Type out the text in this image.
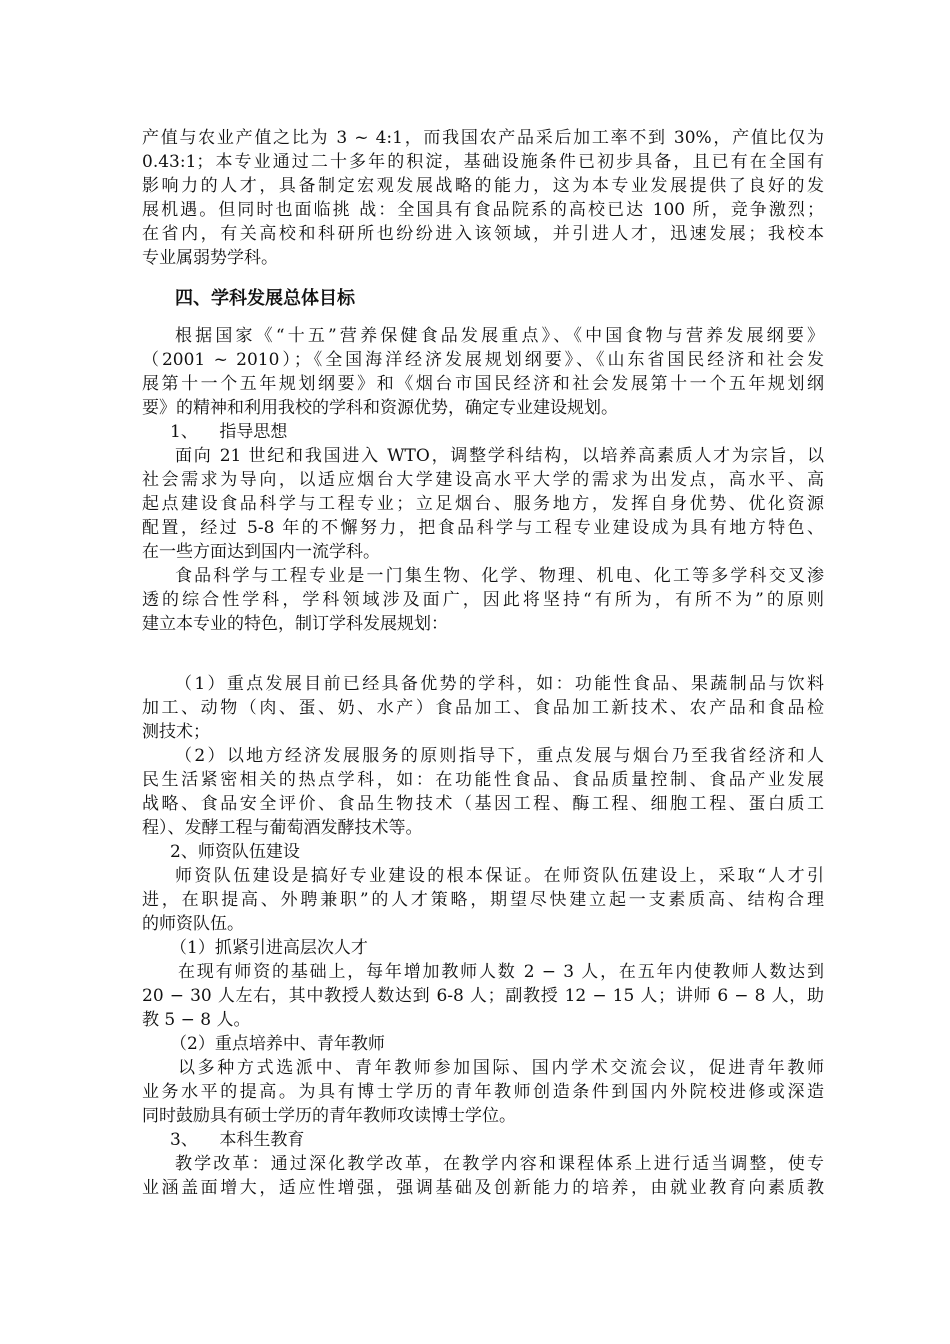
产值与农业产值之比为 3 ~ 4:1，而我国农产品采后加工率不到 30%，产值比仅为
0.43:1；本专业通过二十多年的积淀，基础设施条件已初步具备，且已有在全国有
影响力的人才，具备制定宏观发展战略的能力，这为本专业发展提供了良好的发
展机遇。但同时也面临挑 战：全国具有食品院系的高校已达 100 所，竞争激烈；
在省内，有关高校和科研所也纷纷进入该领域，并引进人才，迅速发展；我校本
专业属弱势学科。
四、学科发展总体目标
根据国家《“十五”营养保健食品发展重点》、《中国食物与营养发展纲要》
（2001 ~ 2010）；《全国海洋经济发展规划纲要》、《山东省国民经济和社会发
展第十一个五年规划纲要》和《烟台市国民经济和社会发展第十一个五年规划纲
要》的精神和利用我校的学科和资源优势，确定专业建设规划。
1、    指导思想
面向 21 世纪和我国进入 WTO，调整学科结构，以培养高素质人才为宗旨，以
社会需求为导向，以适应烟台大学建设高水平大学的需求为出发点，高水平、高
起点建设食品科学与工程专业；立足烟台、服务地方，发挥自身优势、优化资源
配置，经过 5-8 年的不懈努力，把食品科学与工程专业建设成为具有地方特色、
在一些方面达到国内一流学科。
食品科学与工程专业是一门集生物、化学、物理、机电、化工等多学科交叉渗
透的综合性学科，学科领域涉及面广，因此将坚持“有所为，有所不为”的原则
建立本专业的特色，制订学科发展规划：
（1）重点发展目前已经具备优势的学科，如：功能性食品、果蔬制品与饮料
加工、动物（肉、蛋、奶、水产）食品加工、食品加工新技术、农产品和食品检
测技术；
（2）以地方经济发展服务的原则指导下，重点发展与烟台乃至我省经济和人
民生活紧密相关的热点学科，如：在功能性食品、食品质量控制、食品产业发展
战略、食品安全评价、食品生物技术（基因工程、酶工程、细胞工程、蛋白质工
程）、发酵工程与葡萄酒发酵技术等。
2、师资队伍建设
师资队伍建设是搞好专业建设的根本保证。在师资队伍建设上，采取“人才引
进，在职提高、外聘兼职”的人才策略，期望尽快建立起一支素质高、结构合理
的师资队伍。
（1）抓紧引进高层次人才
在现有师资的基础上，每年增加教师人数 2 − 3 人，在五年内使教师人数达到
20 − 30 人左右，其中教授人数达到 6-8 人；副教授 12 − 15 人；讲师 6 − 8 人，助
教 5 − 8 人。
（2）重点培养中、青年教师
以多种方式选派中、青年教师参加国际、国内学术交流会议，促进青年教师
业务水平的提高。为具有博士学历的青年教师创造条件到国内外院校进修或深造
同时鼓励具有硕士学历的青年教师攻读博士学位。
3、    本科生教育
教学改革：通过深化教学改革，在教学内容和课程体系上进行适当调整，使专
业涵盖面增大，适应性增强，强调基础及创新能力的培养，由就业教育向素质教
